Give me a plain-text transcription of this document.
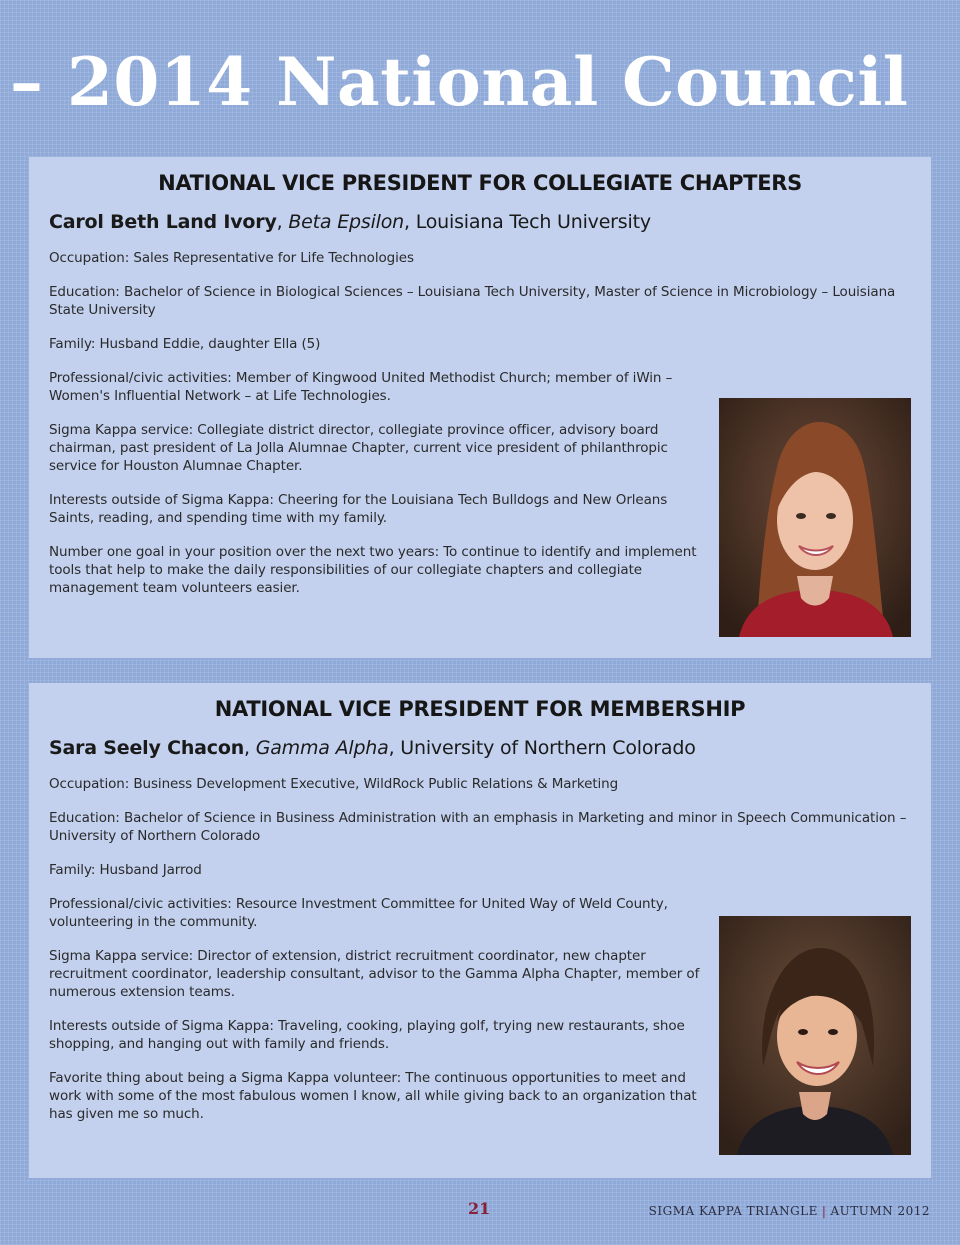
– 2014 National Council
NATIONAL VICE PRESIDENT FOR COLLEGIATE CHAPTERS

Carol Beth Land Ivory, Beta Epsilon, Louisiana Tech University

Occupation: Sales Representative for Life Technologies

Education: Bachelor of Science in Biological Sciences – Louisiana Tech University, Master of Science in Microbiology – Louisiana State University

Family: Husband Eddie, daughter Ella (5)

Professional/civic activities: Member of Kingwood United Methodist Church; member of iWin – Women's Influential Network – at Life Technologies.

Sigma Kappa service: Collegiate district director, collegiate province officer, advisory board chairman, past president of La Jolla Alumnae Chapter, current vice president of philanthropic service for Houston Alumnae Chapter.

Interests outside of Sigma Kappa: Cheering for the Louisiana Tech Bulldogs and New Orleans Saints, reading, and spending time with my family.

Number one goal in your position over the next two years: To continue to identify and implement tools that help to make the daily responsibilities of our collegiate chapters and collegiate management team volunteers easier.

NATIONAL VICE PRESIDENT FOR MEMBERSHIP

Sara Seely Chacon, Gamma Alpha, University of Northern Colorado

Occupation: Business Development Executive, WildRock Public Relations & Marketing

Education: Bachelor of Science in Business Administration with an emphasis in Marketing and minor in Speech Communication – University of Northern Colorado

Family: Husband Jarrod

Professional/civic activities: Resource Investment Committee for United Way of Weld County, volunteering in the community.

Sigma Kappa service: Director of extension, district recruitment coordinator, new chapter recruitment coordinator, leadership consultant, advisor to the Gamma Alpha Chapter, member of numerous extension teams.

Interests outside of Sigma Kappa: Traveling, cooking, playing golf, trying new restaurants, shoe shopping, and hanging out with family and friends.

Favorite thing about being a Sigma Kappa volunteer: The continuous opportunities to meet and work with some of the most fabulous women I know, all while giving back to an organization that has given me so much.

21	SIGMA KAPPA TRIANGLE | AUTUMN 2012
